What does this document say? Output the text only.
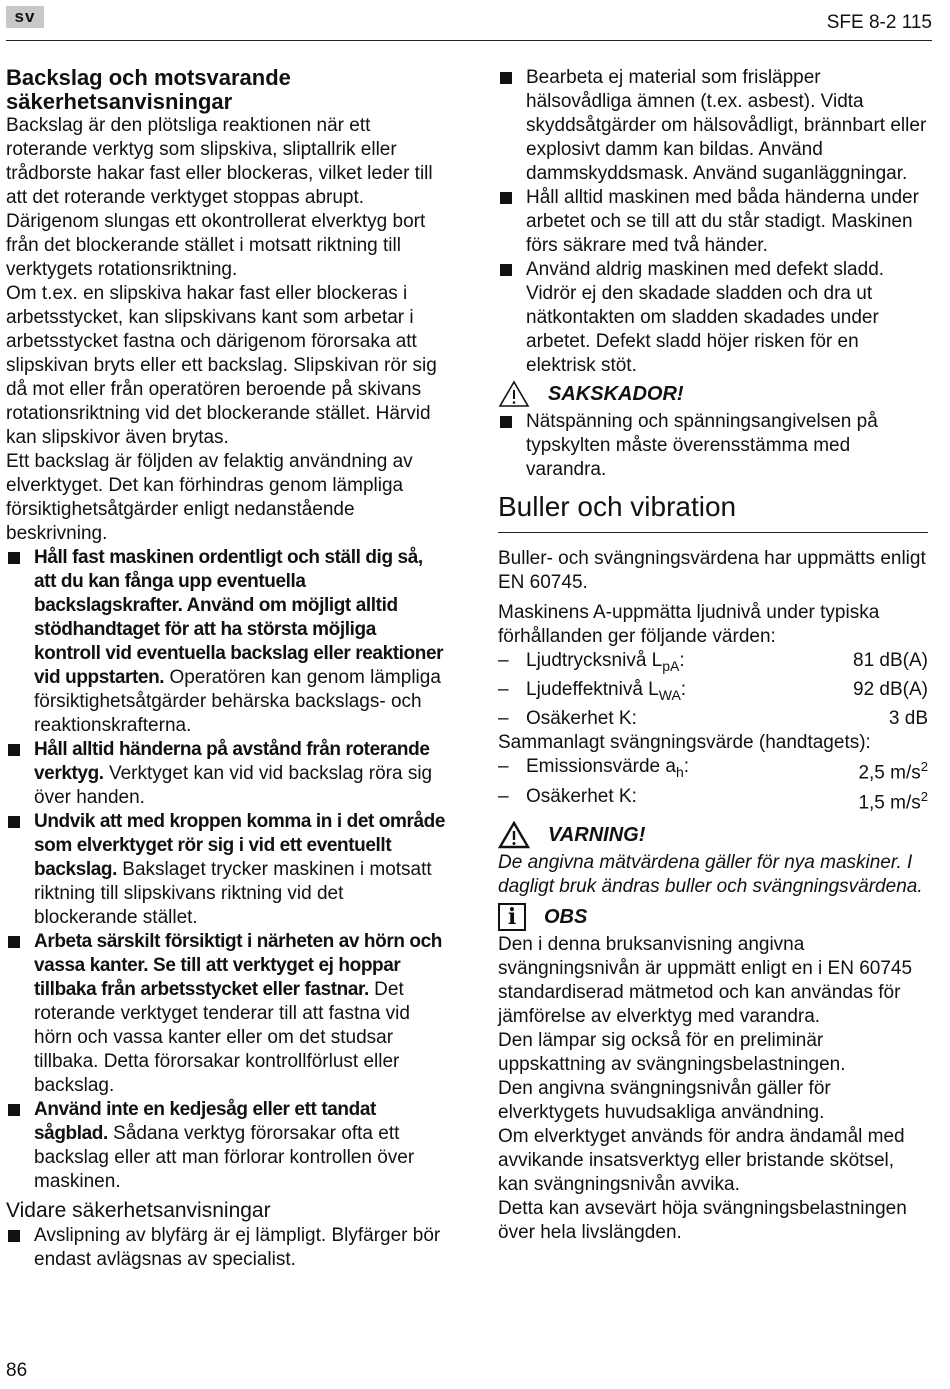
sv	SFE 8-2 115
Backslag och motsvarande säkerhetsanvisningar

Backslag är den plötsliga reaktionen när ett roterande verktyg som slipskiva, sliptallrik eller trådborste hakar fast eller blockeras, vilket leder till att det roterande verktyget stoppas abrupt. Därigenom slungas ett okontrollerat elverktyg bort från det blockerande stället i motsatt riktning till verktygets rotationsriktning.

Om t.ex. en slipskiva hakar fast eller blockeras i arbetsstycket, kan slipskivans kant som arbetar i arbetsstycket fastna och därigenom förorsaka att slipskivan bryts eller ett backslag. Slipskivan rör sig då mot eller från operatören beroende på skivans rotationsriktning vid det blockerande stället. Härvid kan slipskivor även brytas.

Ett backslag är följden av felaktig användning av elverktyget. Det kan förhindras genom lämpliga försiktighetsåtgärder enligt nedanstående beskrivning.

Håll fast maskinen ordentligt och ställ dig så, att du kan fånga upp eventuella backslagskrafter. Använd om möjligt alltid stödhandtaget för att ha största möjliga kontroll vid eventuella backslag eller reaktioner vid uppstarten. Operatören kan genom lämpliga försiktighetsåtgärder behärska backslags- och reaktionskrafterna.
Håll alltid händerna på avstånd från roterande verktyg. Verktyget kan vid vid backslag röra sig över handen.
Undvik att med kroppen komma in i det område som elverktyget rör sig i vid ett eventuellt backslag. Bakslaget trycker maskinen i motsatt riktning till slipskivans riktning vid det blockerande stället.
Arbeta särskilt försiktigt i närheten av hörn och vassa kanter. Se till att verktyget ej hoppar tillbaka från arbetsstycket eller fastnar. Det roterande verktyget tenderar till att fastna vid hörn och vassa kanter eller om det studsar tillbaka. Detta förorsakar kontrollförlust eller backslag.
Använd inte en kedjesåg eller ett tandat sågblad. Sådana verktyg förorsakar ofta ett backslag eller att man förlorar kontrollen över maskinen.
Vidare säkerhetsanvisningar
Avslipning av blyfärg är ej lämpligt. Blyfärger bör endast avlägsnas av specialist.
Bearbeta ej material som frisläpper hälsovådliga ämnen (t.ex. asbest). Vidta skyddsåtgärder om hälsovådligt, brännbart eller explosivt damm kan bildas. Använd dammskyddsmask. Använd suganläggningar.
Håll alltid maskinen med båda händerna under arbetet och se till att du står stadigt. Maskinen förs säkrare med två händer.
Använd aldrig maskinen med defekt sladd. Vidrör ej den skadade sladden och dra ut nätkontakten om sladden skadades under arbetet. Defekt sladd höjer risken för en elektrisk stöt.
SAKSKADOR!
Nätspänning och spänningsangivelsen på typskylten måste överensstämma med varandra.
Buller och vibration

Buller- och svängningsvärdena har uppmätts enligt EN 60745.

Maskinens A-uppmätta ljudnivå under typiska förhållanden ger följande värden:

– Ljudtrycksnivå $L_{pA}$:	81 dB(A)
– Ljudeffektnivå $L_{WA}$:	92 dB(A)
– Osäkerhet K:	3 dB

Sammanlagt svängningsvärde (handtagets):

– Emissionsvärde $a_h$:	2,5 $m/s^2$
– Osäkerhet K:	1,5 $m/s^2$
VARNING!

De angivna mätvärdena gäller för nya maskiner. I dagligt bruk ändras buller och svängningsvärdena.

i	OBS

Den i denna bruksanvisning angivna svängningsnivån är uppmätt enligt en i EN 60745 standardiserad mätmetod och kan användas för jämförelse av elverktyg med varandra.

Den lämpar sig också för en preliminär uppskattning av svängningsbelastningen.

Den angivna svängningsnivån gäller för elverktygets huvudsakliga användning.

Om elverktyget används för andra ändamål med avvikande insatsverktyg eller bristande skötsel, kan svängningsnivån avvika.

Detta kan avsevärt höja svängningsbelastningen över hela livslängden.

86
